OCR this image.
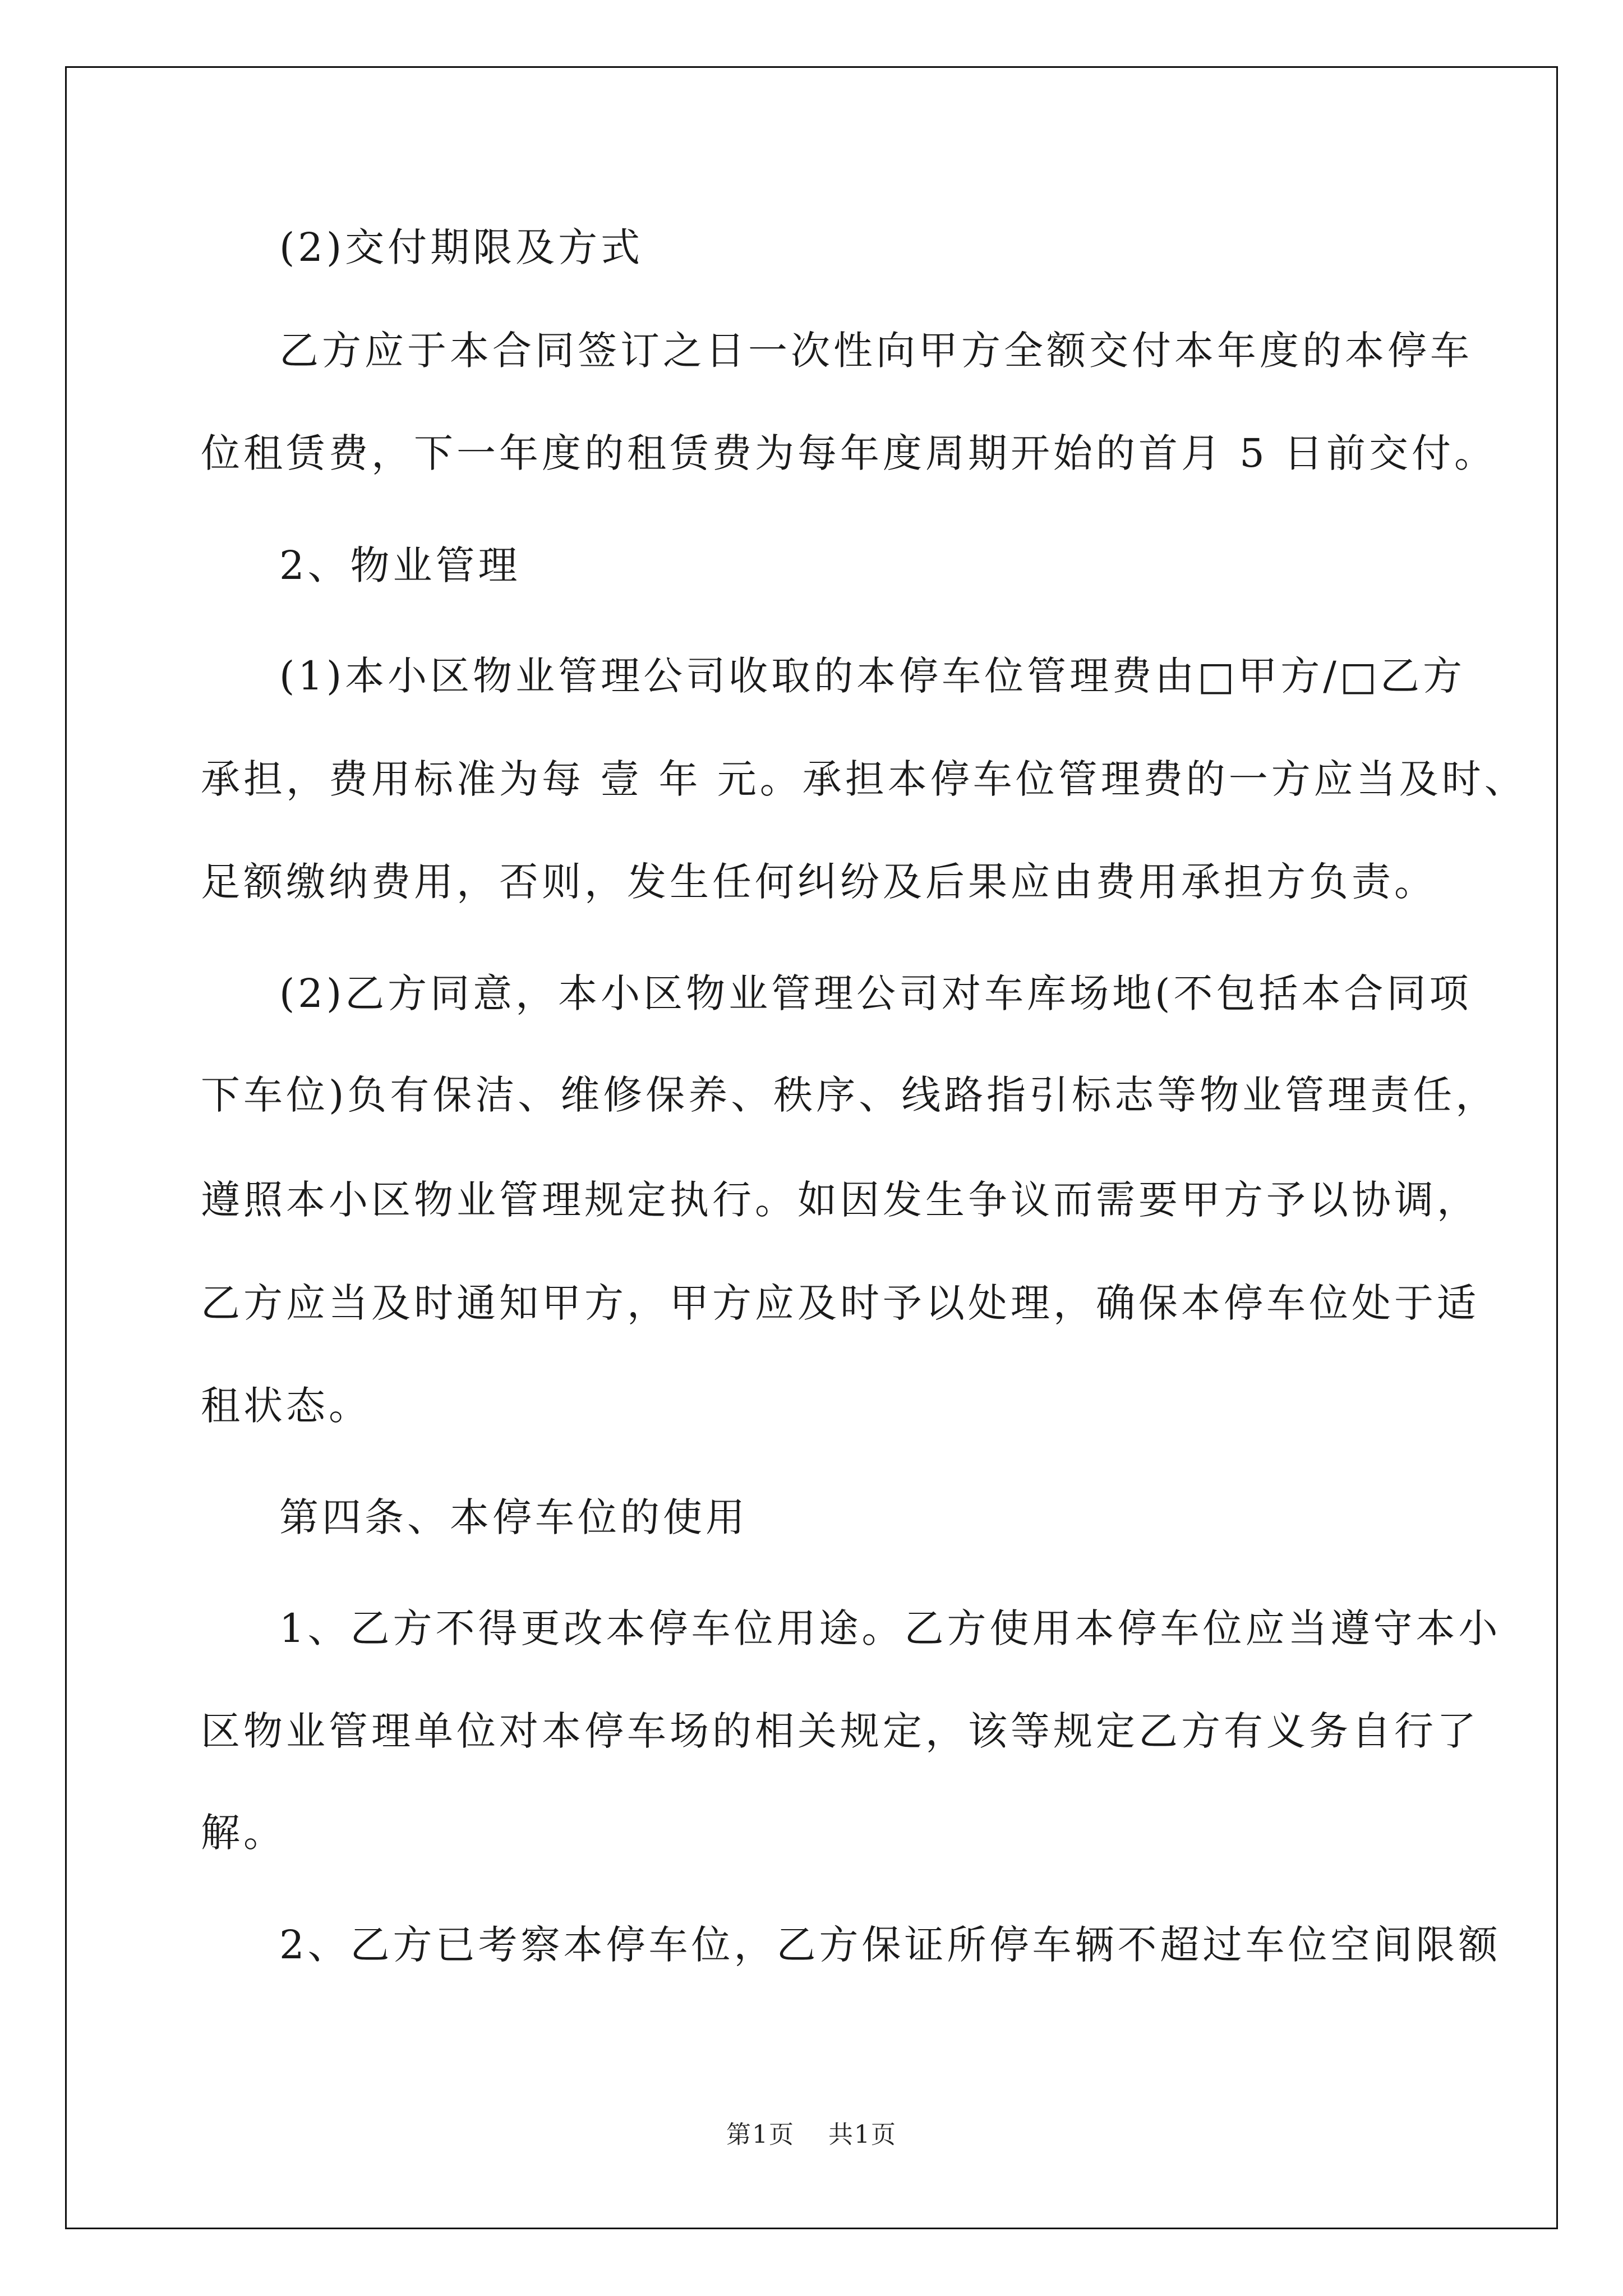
(2)交付期限及方式
乙方应于本合同签订之日一次性向甲方全额交付本年度的本停车
位租赁费，下一年度的租赁费为每年度周期开始的首月 5 日前交付。
2、物业管理
(1)本小区物业管理公司收取的本停车位管理费由□甲方/□乙方
承担，费用标准为每 壹 年 元。承担本停车位管理费的一方应当及时、
足额缴纳费用，否则，发生任何纠纷及后果应由费用承担方负责。
(2)乙方同意，本小区物业管理公司对车库场地(不包括本合同项
下车位)负有保洁、维修保养、秩序、线路指引标志等物业管理责任，
遵照本小区物业管理规定执行。如因发生争议而需要甲方予以协调，
乙方应当及时通知甲方，甲方应及时予以处理，确保本停车位处于适
租状态。
第四条、本停车位的使用
1、乙方不得更改本停车位用途。乙方使用本停车位应当遵守本小
区物业管理单位对本停车场的相关规定，该等规定乙方有义务自行了
解。
2、乙方已考察本停车位，乙方保证所停车辆不超过车位空间限额
第1页 共1页
